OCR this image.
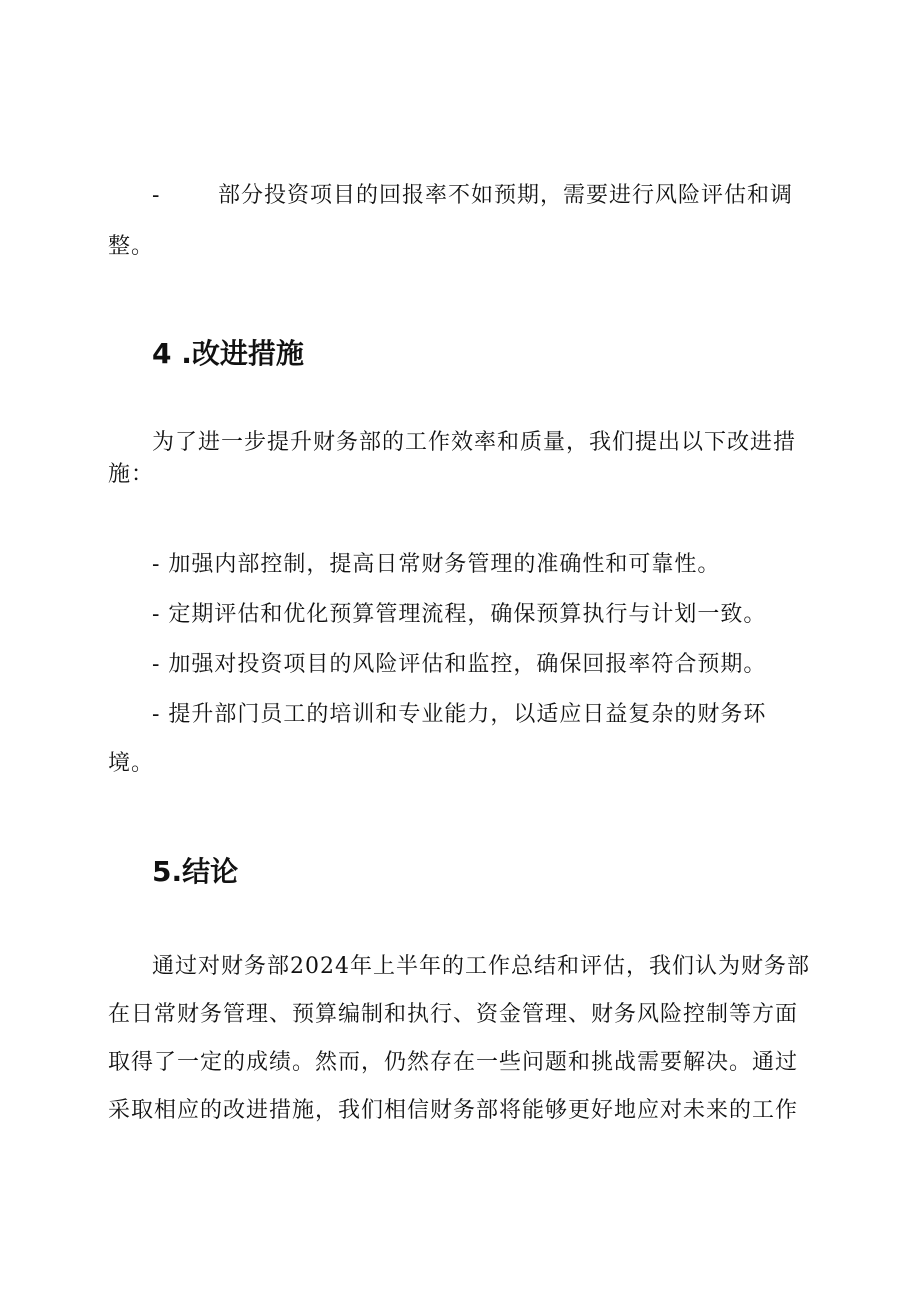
-	部分投资项目的回报率不如预期，需要进行风险评估和调
整。
4 .改进措施
为了进一步提升财务部的工作效率和质量，我们提出以下改进措
施：
- 加强内部控制，提高日常财务管理的准确性和可靠性。
- 定期评估和优化预算管理流程，确保预算执行与计划一致。
- 加强对投资项目的风险评估和监控，确保回报率符合预期。
- 提升部门员工的培训和专业能力，以适应日益复杂的财务环
境。
5.结论
通过对财务部2024年上半年的工作总结和评估，我们认为财务部
在日常财务管理、预算编制和执行、资金管理、财务风险控制等方面
取得了一定的成绩。然而，仍然存在一些问题和挑战需要解决。通过
采取相应的改进措施，我们相信财务部将能够更好地应对未来的工作
